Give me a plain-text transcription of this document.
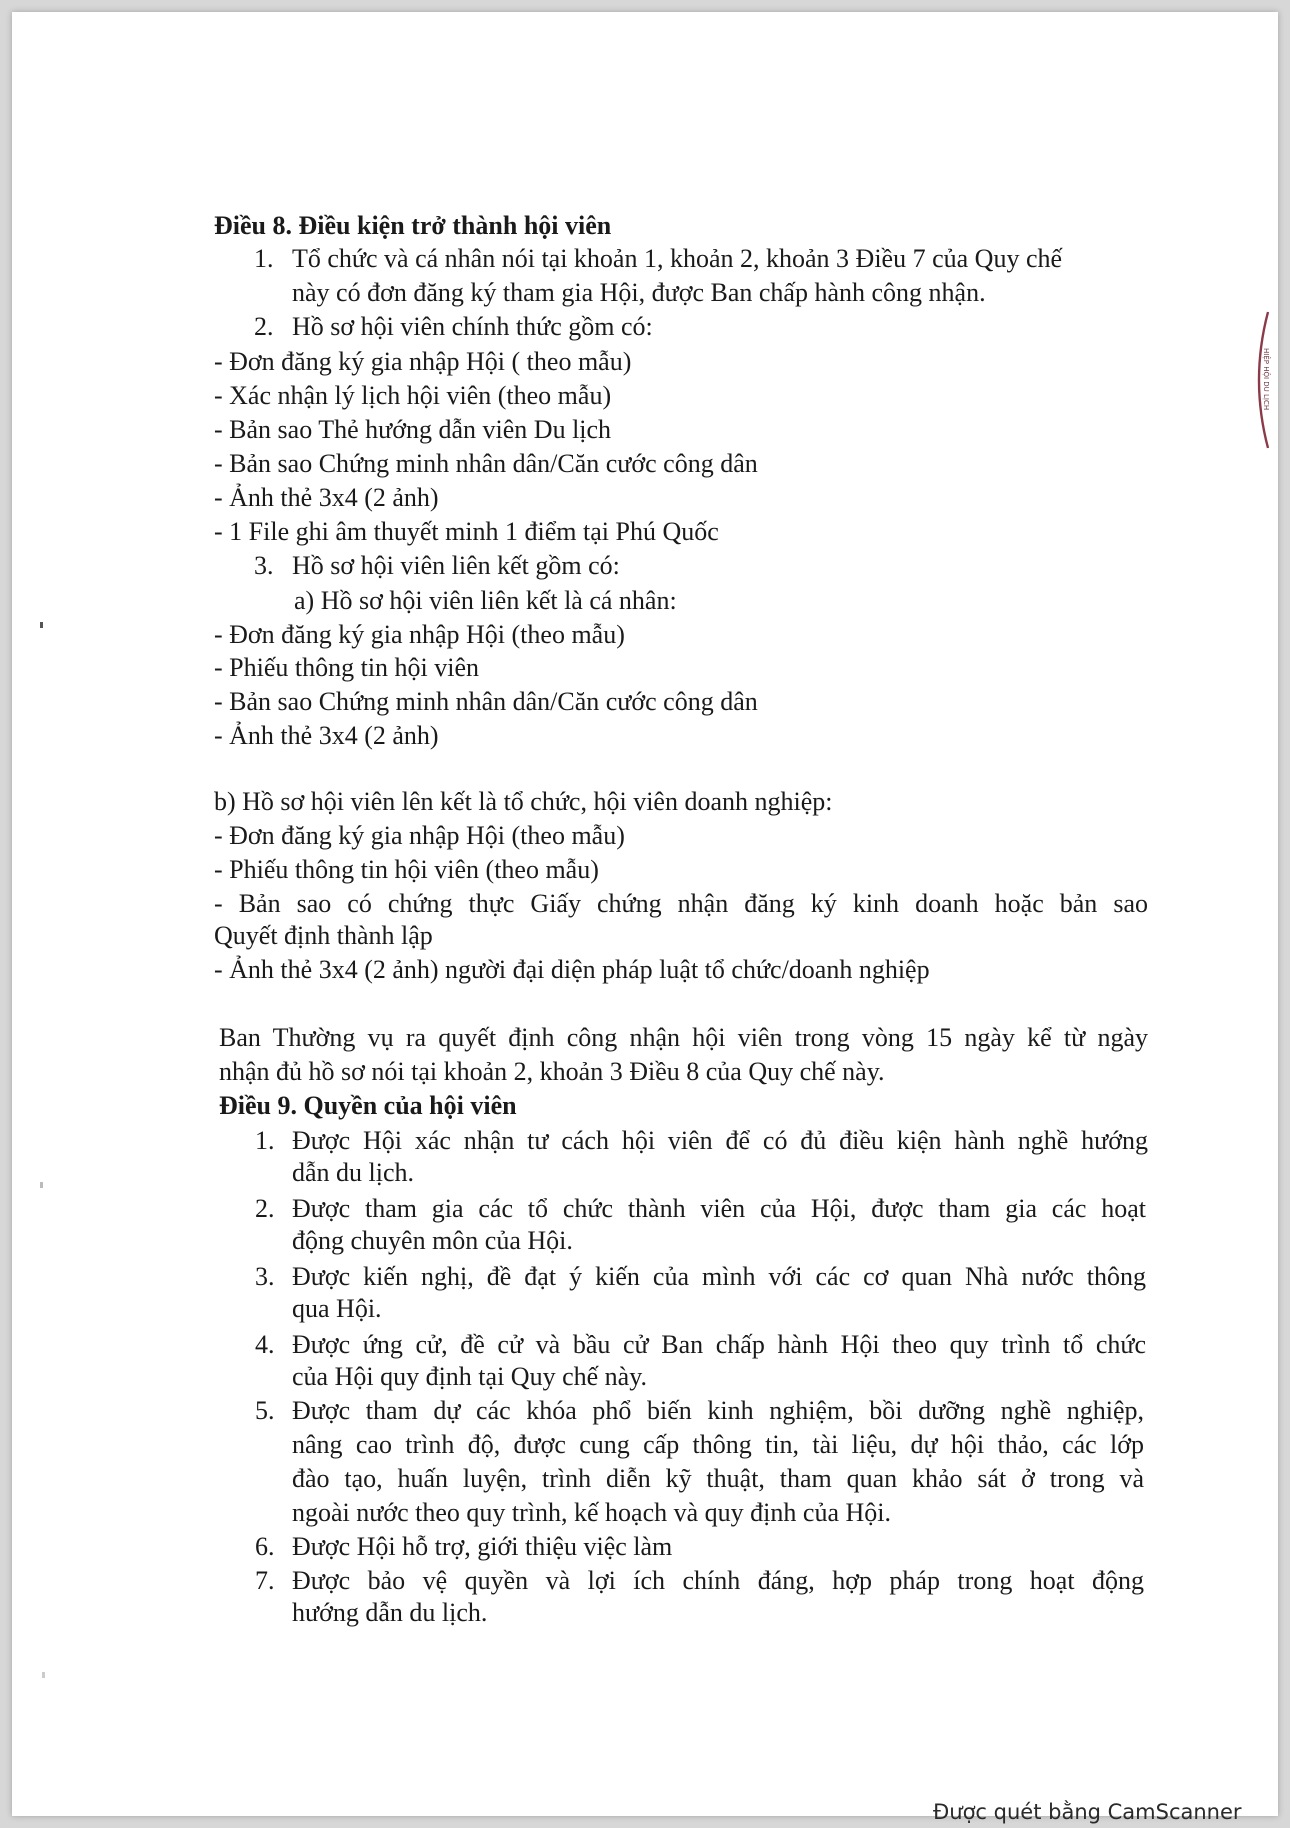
Điều 8. Điều kiện trở thành hội viên
1. Tổ chức và cá nhân nói tại khoản 1, khoản 2, khoản 3 Điều 7 của Quy chế
này có đơn đăng ký tham gia Hội, được Ban chấp hành công nhận.
2. Hồ sơ hội viên chính thức gồm có:
- Đơn đăng ký gia nhập Hội ( theo mẫu)
- Xác nhận lý lịch hội viên (theo mẫu)
- Bản sao Thẻ hướng dẫn viên Du lịch
- Bản sao Chứng minh nhân dân/Căn cước công dân
- Ảnh thẻ 3x4 (2 ảnh)
- 1 File ghi âm thuyết minh 1 điểm tại Phú Quốc
3. Hồ sơ hội viên liên kết gồm có:
a) Hồ sơ hội viên liên kết là cá nhân:
- Đơn đăng ký gia nhập Hội (theo mẫu)
- Phiếu thông tin hội viên
- Bản sao Chứng minh nhân dân/Căn cước công dân
- Ảnh thẻ 3x4 (2 ảnh)
b) Hồ sơ hội viên lên kết là tổ chức, hội viên doanh nghiệp:
- Đơn đăng ký gia nhập Hội (theo mẫu)
- Phiếu thông tin hội viên (theo mẫu)
- Bản sao có chứng thực Giấy chứng nhận đăng ký kinh doanh hoặc bản sao
Quyết định thành lập
- Ảnh thẻ 3x4 (2 ảnh) người đại diện pháp luật tổ chức/doanh nghiệp
Ban Thường vụ ra quyết định công nhận hội viên trong vòng 15 ngày kể từ ngày
nhận đủ hồ sơ nói tại khoản 2, khoản 3 Điều 8 của Quy chế này.
Điều 9. Quyền của hội viên
1. Được Hội xác nhận tư cách hội viên để có đủ điều kiện hành nghề hướng
dẫn du lịch.
2. Được tham gia các tổ chức thành viên của Hội, được tham gia các hoạt
động chuyên môn của Hội.
3. Được kiến nghị, đề đạt ý kiến của mình với các cơ quan Nhà nước thông
qua Hội.
4. Được ứng cử, đề cử và bầu cử Ban chấp hành Hội theo quy trình tổ chức
của Hội quy định tại Quy chế này.
5. Được tham dự các khóa phổ biến kinh nghiệm, bồi dưỡng nghề nghiệp,
nâng cao trình độ, được cung cấp thông tin, tài liệu, dự hội thảo, các lớp
đào tạo, huấn luyện, trình diễn kỹ thuật, tham quan khảo sát ở trong và
ngoài nước theo quy trình, kế hoạch và quy định của Hội.
6. Được Hội hỗ trợ, giới thiệu việc làm
7. Được bảo vệ quyền và lợi ích chính đáng, hợp pháp trong hoạt động
hướng dẫn du lịch.
HIỆP HỘI DU LỊCH
Được quét bằng CamScanner
